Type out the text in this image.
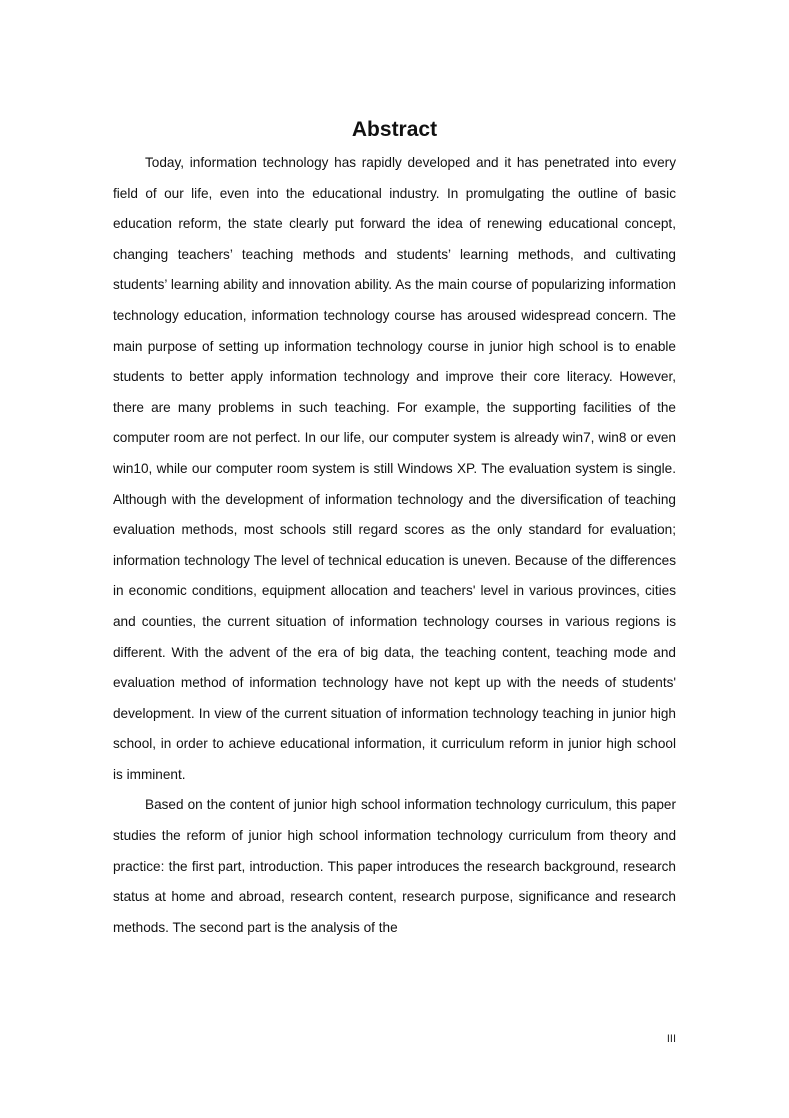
Abstract

Today, information technology has rapidly developed and it has penetrated into every field of our life, even into the educational industry. In promulgating the outline of basic education reform, the state clearly put forward the idea of renewing educational concept, changing teachers’ teaching methods and students’ learning methods, and cultivating students’ learning ability and innovation ability. As the main course of popularizing information technology education, information technology course has aroused widespread concern. The main purpose of setting up information technology course in junior high school is to enable students to better apply information technology and improve their core literacy. However, there are many problems in such teaching. For example, the supporting facilities of the computer room are not perfect. In our life, our computer system is already win7, win8 or even win10, while our computer room system is still Windows XP. The evaluation system is single. Although with the development of information technology and the diversification of teaching evaluation methods, most schools still regard scores as the only standard for evaluation; information technology The level of technical education is uneven. Because of the differences in economic conditions, equipment allocation and teachers' level in various provinces, cities and counties, the current situation of information technology courses in various regions is different. With the advent of the era of big data, the teaching content, teaching mode and evaluation method of information technology have not kept up with the needs of students' development. In view of the current situation of information technology teaching in junior high school, in order to achieve educational information, it curriculum reform in junior high school is imminent.

Based on the content of junior high school information technology curriculum, this paper studies the reform of junior high school information technology curriculum from theory and practice: the first part, introduction. This paper introduces the research background, research status at home and abroad, research content, research purpose, significance and research methods. The second part is the analysis of the

III
